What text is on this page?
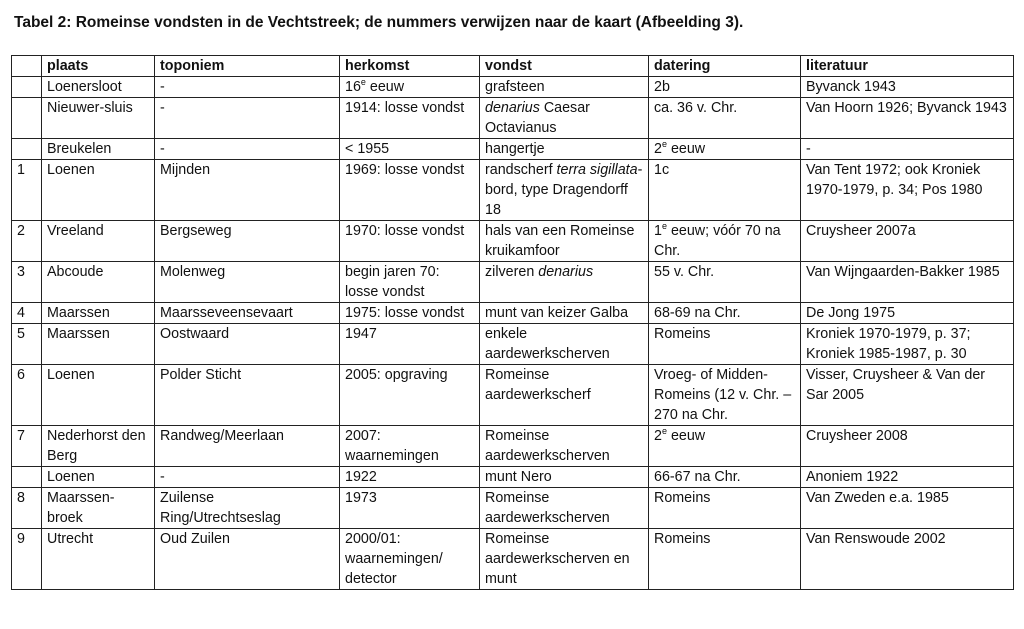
Tabel 2: Romeinse vondsten in de Vechtstreek; de nummers verwijzen naar de kaart (Afbeelding 3).
	plaats	toponiem	herkomst	vondst	datering	literatuur
	Loenersloot	-	16e eeuw	grafsteen	2b	Byvanck 1943
	Nieuwer-sluis	-	1914: losse vondst	denarius Caesar Octavianus	ca. 36 v. Chr.	Van Hoorn 1926; Byvanck 1943
	Breukelen	-	< 1955	hangertje	2e eeuw	-
1	Loenen	Mijnden	1969: losse vondst	randscherf terra sigillata-bord, type Dragendorff 18	1c	Van Tent 1972; ook Kroniek 1970-1979, p. 34; Pos 1980
2	Vreeland	Bergseweg	1970: losse vondst	hals van een Romeinse kruikamfoor	1e eeuw; vóór 70 na Chr.	Cruysheer 2007a
3	Abcoude	Molenweg	begin jaren 70: losse vondst	zilveren denarius	55 v. Chr.	Van Wijngaarden-Bakker 1985
4	Maarssen	Maarsseveensevaart	1975: losse vondst	munt van keizer Galba	68-69 na Chr.	De Jong 1975
5	Maarssen	Oostwaard	1947	enkele aardewerkscherven	Romeins	Kroniek 1970-1979, p. 37; Kroniek 1985-1987, p. 30
6	Loenen	Polder Sticht	2005: opgraving	Romeinse aardewerkscherf	Vroeg- of Midden-Romeins (12 v. Chr. – 270 na Chr.	Visser, Cruysheer & Van der Sar 2005
7	Nederhorst den Berg	Randweg/Meerlaan	2007: waarnemingen	Romeinse aardewerkscherven	2e eeuw	Cruysheer 2008
	Loenen	-	1922	munt Nero	66-67 na Chr.	Anoniem 1922
8	Maarssen-broek	Zuilense Ring/Utrechtseslag	1973	Romeinse aardewerkscherven	Romeins	Van Zweden e.a. 1985
9	Utrecht	Oud Zuilen	2000/01: waarnemingen/ detector	Romeinse aardewerkscherven en munt	Romeins	Van Renswoude 2002
